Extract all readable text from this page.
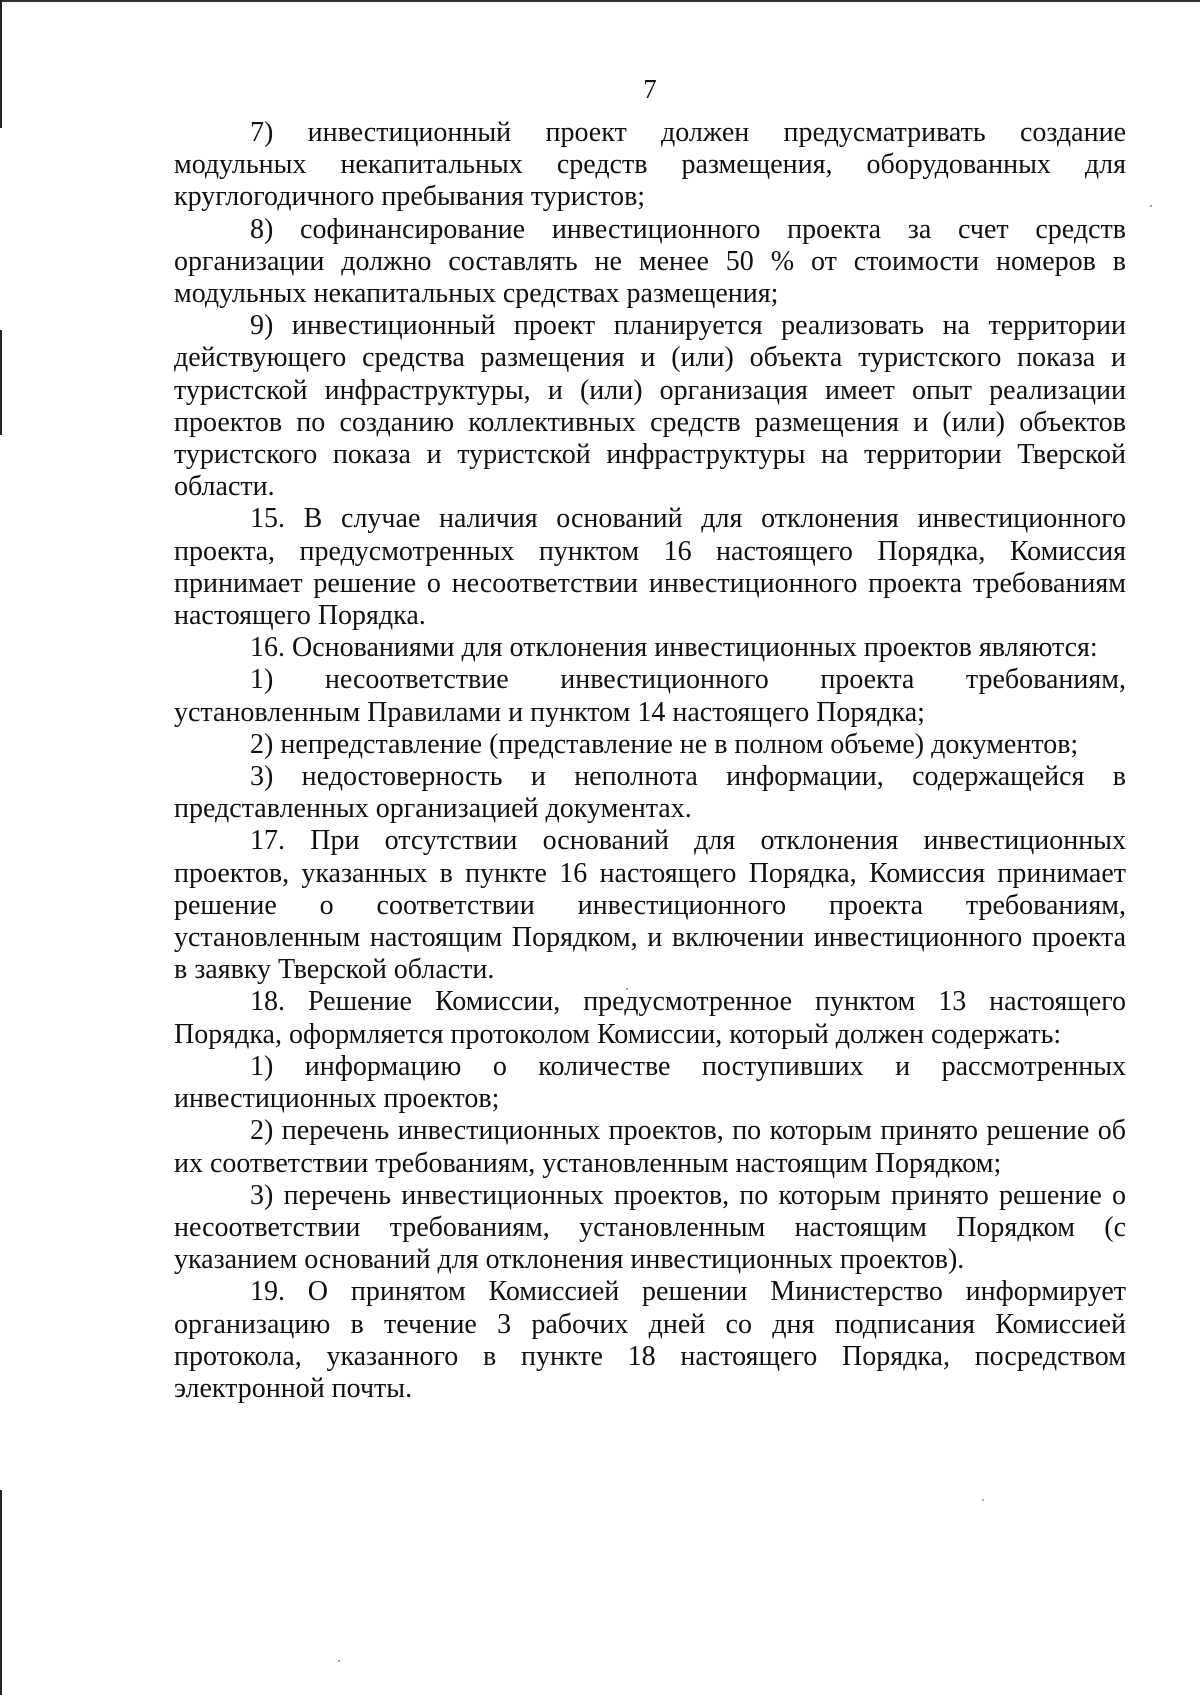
7

7) инвестиционный проект должен предусматривать создание модульных некапитальных средств размещения, оборудованных для круглогодичного пребывания туристов;

8) софинансирование инвестиционного проекта за счет средств организации должно составлять не менее 50 % от стоимости номеров в модульных некапитальных средствах размещения;

9) инвестиционный проект планируется реализовать на территории действующего средства размещения и (или) объекта туристского показа и туристской инфраструктуры, и (или) организация имеет опыт реализации проектов по созданию коллективных средств размещения и (или) объектов туристского показа и туристской инфраструктуры на территории Тверской области.

15. В случае наличия оснований для отклонения инвестиционного проекта, предусмотренных пунктом 16 настоящего Порядка, Комиссия принимает решение о несоответствии инвестиционного проекта требованиям настоящего Порядка.

16. Основаниями для отклонения инвестиционных проектов являются:

1) несоответствие инвестиционного проекта требованиям, установленным Правилами и пунктом 14 настоящего Порядка;

2) непредставление (представление не в полном объеме) документов;

3) недостоверность и неполнота информации, содержащейся в представленных организацией документах.

17. При отсутствии оснований для отклонения инвестиционных проектов, указанных в пункте 16 настоящего Порядка, Комиссия принимает решение о соответствии инвестиционного проекта требованиям, установленным настоящим Порядком, и включении инвестиционного проекта в заявку Тверской области.

18. Решение Комиссии, предусмотренное пунктом 13 настоящего Порядка, оформляется протоколом Комиссии, который должен содержать:

1) информацию о количестве поступивших и рассмотренных инвестиционных проектов;

2) перечень инвестиционных проектов, по которым принято решение об их соответствии требованиям, установленным настоящим Порядком;

3) перечень инвестиционных проектов, по которым принято решение о несоответствии требованиям, установленным настоящим Порядком (с указанием оснований для отклонения инвестиционных проектов).

19. О принятом Комиссией решении Министерство информирует организацию в течение 3 рабочих дней со дня подписания Комиссией протокола, указанного в пункте 18 настоящего Порядка, посредством электронной почты.
